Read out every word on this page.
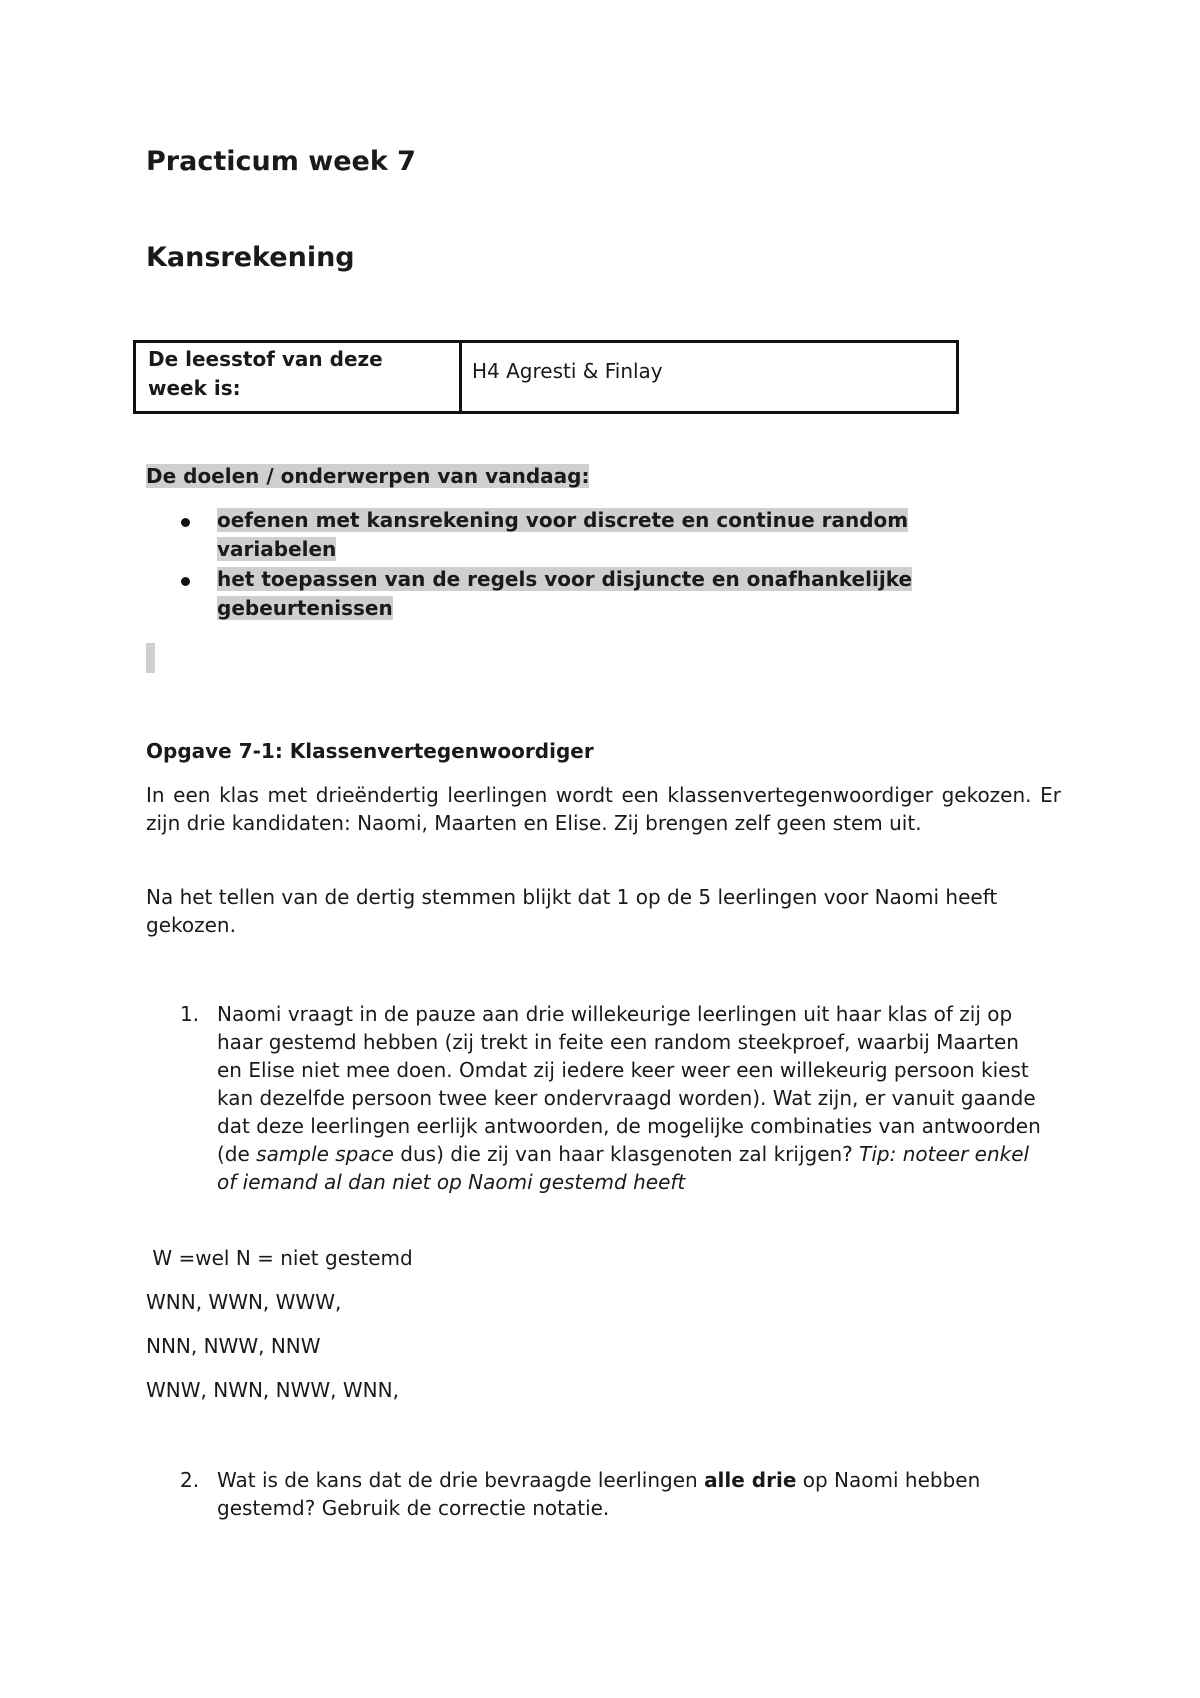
Practicum week 7
Kansrekening
De leesstof van deze week is:
H4 Agresti & Finlay
De doelen / onderwerpen van vandaag:
oefenen met kansrekening voor discrete en continue random variabelen
het toepassen van de regels voor disjuncte en onafhankelijke gebeurtenissen
Opgave 7-1: Klassenvertegenwoordiger
In een klas met drieëndertig leerlingen wordt een klassenvertegenwoordiger gekozen. Er zijn drie kandidaten: Naomi, Maarten en Elise. Zij brengen zelf geen stem uit.
Na het tellen van de dertig stemmen blijkt dat 1 op de 5 leerlingen voor Naomi heeft gekozen.
1. Naomi vraagt in de pauze aan drie willekeurige leerlingen uit haar klas of zij op haar gestemd hebben (zij trekt in feite een random steekproef, waarbij Maarten en Elise niet mee doen. Omdat zij iedere keer weer een willekeurig persoon kiest kan dezelfde persoon twee keer ondervraagd worden). Wat zijn, er vanuit gaande dat deze leerlingen eerlijk antwoorden, de mogelijke combinaties van antwoorden (de sample space dus) die zij van haar klasgenoten zal krijgen? Tip: noteer enkel of iemand al dan niet op Naomi gestemd heeft
W =wel N = niet gestemd
WNN, WWN, WWW,
NNN, NWW, NNW
WNW, NWN, NWW, WNN,
2. Wat is de kans dat de drie bevraagde leerlingen alle drie op Naomi hebben gestemd? Gebruik de correctie notatie.
